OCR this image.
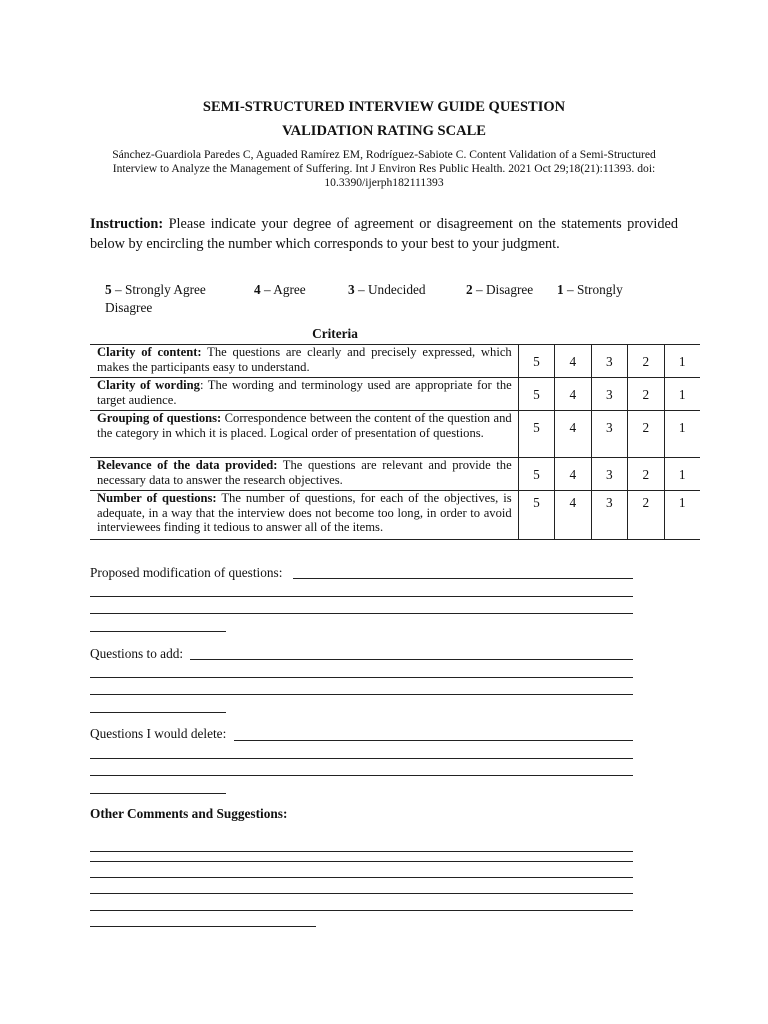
SEMI-STRUCTURED INTERVIEW GUIDE QUESTION
VALIDATION RATING SCALE
Sánchez-Guardiola Paredes C, Aguaded Ramírez EM, Rodríguez-Sabiote C. Content Validation of a Semi-Structured Interview to Analyze the Management of Suffering. Int J Environ Res Public Health. 2021 Oct 29;18(21):11393. doi: 10.3390/ijerph182111393
Instruction: Please indicate your degree of agreement or disagreement on the statements provided below by encircling the number which corresponds to your best to your judgment.
5 – Strongly Agree	4 – Agree	3 – Undecided	2 – Disagree 1 – Strongly
Disagree
Criteria
Clarity of content: The questions are clearly and precisely expressed, which makes the participants easy to understand.	5	4	3	2	1
Clarity of wording: The wording and terminology used are appropriate for the target audience.	5	4	3	2	1
Grouping of questions: Correspondence between the content of the question and the category in which it is placed. Logical order of presentation of questions.	5	4	3	2	1
Relevance of the data provided: The questions are relevant and provide the necessary data to answer the research objectives.	5	4	3	2	1
Number of questions: The number of questions, for each of the objectives, is adequate, in a way that the interview does not become too long, in order to avoid interviewees finding it tedious to answer all of the items.	5	4	3	2	1
Proposed modification of questions:
Questions to add:
Questions I would delete:
Other Comments and Suggestions:
